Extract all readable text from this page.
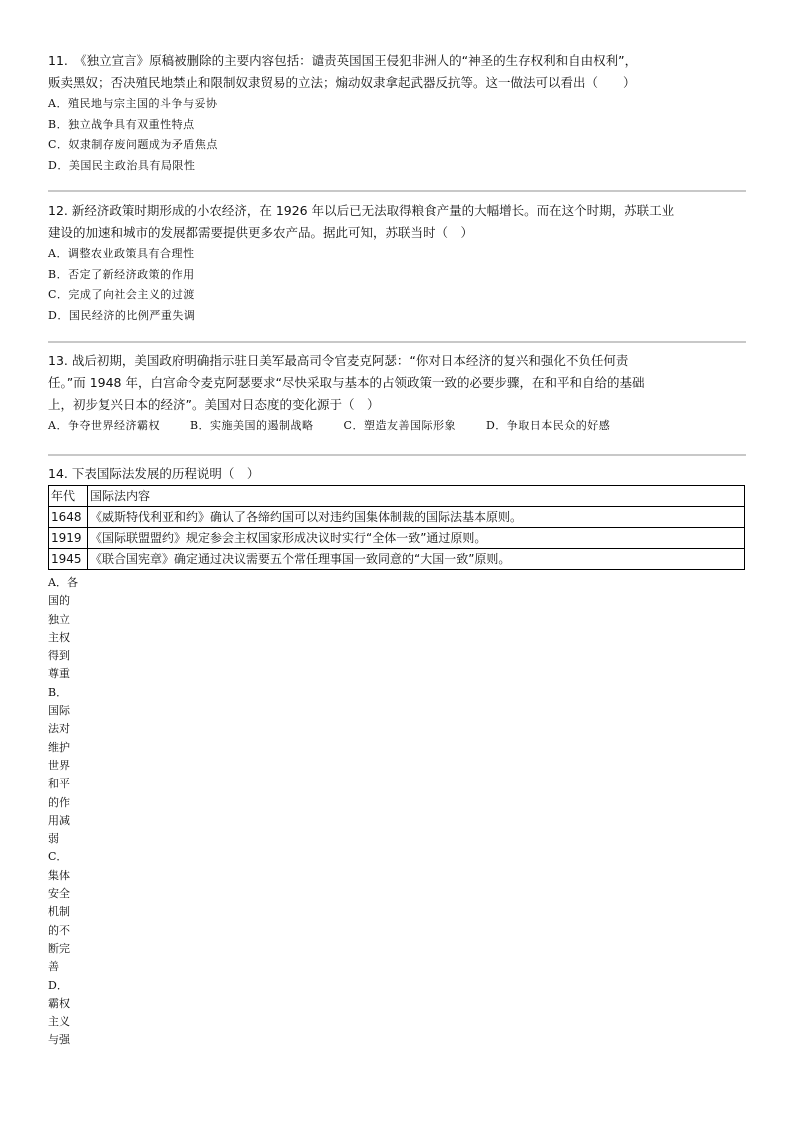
11.　《独立宣言》原稿被删除的主要内容包括：谴责英国国王侵犯非洲人的“神圣的生存权利和自由权利”，

贩卖黑奴；否决殖民地禁止和限制奴隶贸易的立法；煽动奴隶拿起武器反抗等。这一做法可以看出（　　）

A．殖民地与宗主国的斗争与妥协

B．独立战争具有双重性特点

C．奴隶制存废问题成为矛盾焦点

D．美国民主政治具有局限性

12. 新经济政策时期形成的小农经济，在 1926 年以后已无法取得粮食产量的大幅增长。而在这个时期，苏联工业

建设的加速和城市的发展都需要提供更多农产品。据此可知，苏联当时（　）

A．调整农业政策具有合理性

B．否定了新经济政策的作用

C．完成了向社会主义的过渡

D．国民经济的比例严重失调

13. 战后初期，美国政府明确指示驻日美军最高司令官麦克阿瑟：“你对日本经济的复兴和强化不负任何责

任。”而 1948 年，白宫命令麦克阿瑟要求“尽快采取与基本的占领政策一致的必要步骤，在和平和自给的基础

上，初步复兴日本的经济”。美国对日态度的变化源于（　）

A．争夺世界经济霸权	B．实施美国的遏制战略	C．塑造友善国际形象	D．争取日本民众的好感

14. 下表国际法发展的历程说明（　）

年代	国际法内容
1648	《威斯特伐利亚和约》确认了各缔约国可以对违约国集体制裁的国际法基本原则。
1919	《国际联盟盟约》规定参会主权国家形成决议时实行“全体一致”通过原则。
1945	《联合国宪章》确定通过决议需要五个常任理事国一致同意的“大国一致”原则。
A．各国的独立主权得到尊重
B．国际法对维护世界和平的作用减弱
C．集体安全机制的不断完善
D．霸权主义与强
